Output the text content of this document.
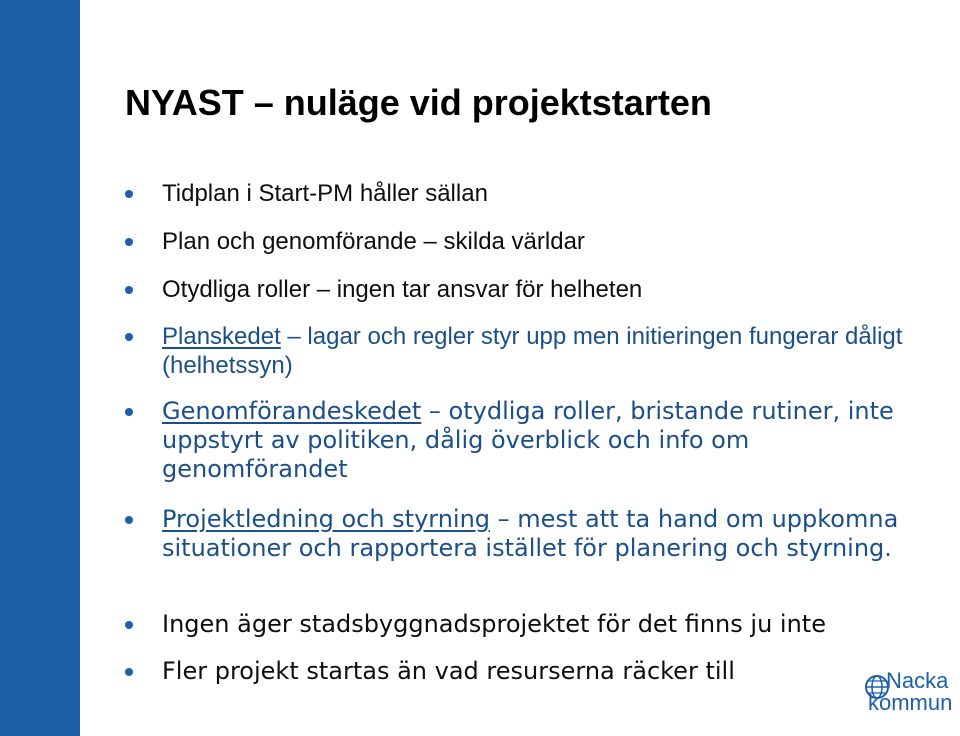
NYAST – nuläge vid projektstarten
Tidplan i Start-PM håller sällan
Plan och genomförande – skilda världar
Otydliga roller – ingen tar ansvar för helheten
Planskedet – lagar och regler styr upp men initieringen fungerar dåligt (helhetssyn)
Genomförandeskedet – otydliga roller, bristande rutiner, inte uppstyrt av politiken, dålig överblick och info om genomförandet
Projektledning och styrning – mest att ta hand om uppkomna situationer och rapportera istället för planering och styrning.
Ingen äger stadsbyggnadsprojektet för det finns ju inte
Fler projekt startas än vad resurserna räcker till	Nacka
kommun
